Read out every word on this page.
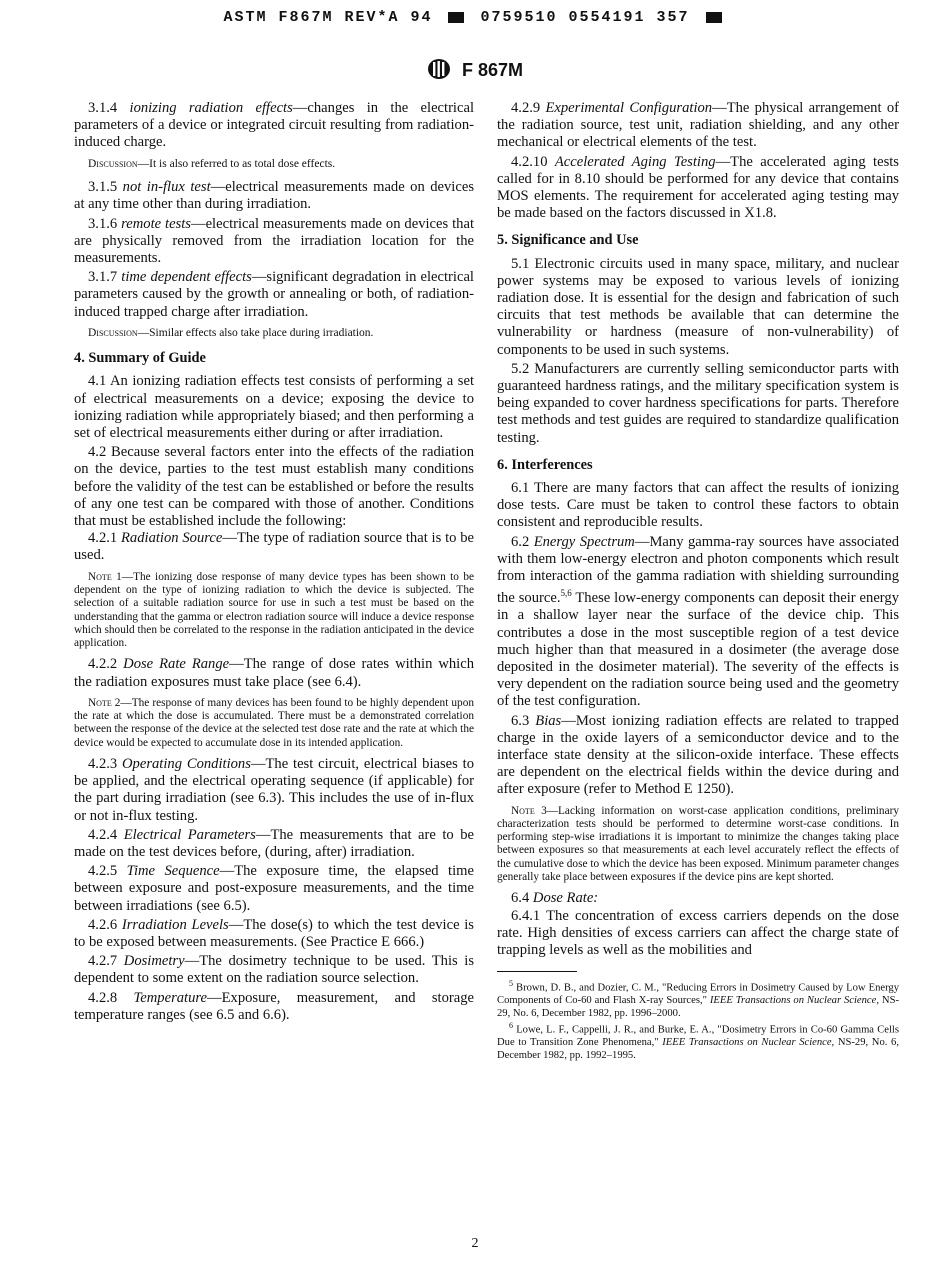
ASTM F867M REV*A 94	0759510 0554191 357
F 867M

3.1.4 ionizing radiation effects—changes in the electrical parameters of a device or integrated circuit resulting from radiation-induced charge.

Discussion—It is also referred to as total dose effects.

3.1.5 not in-flux test—electrical measurements made on devices at any time other than during irradiation.

3.1.6 remote tests—electrical measurements made on devices that are physically removed from the irradiation location for the measurements.

3.1.7 time dependent effects—significant degradation in electrical parameters caused by the growth or annealing or both, of radiation-induced trapped charge after irradiation.

Discussion—Similar effects also take place during irradiation.

4. Summary of Guide

4.1 An ionizing radiation effects test consists of performing a set of electrical measurements on a device; exposing the device to ionizing radiation while appropriately biased; and then performing a set of electrical measurements either during or after irradiation.

4.2 Because several factors enter into the effects of the radiation on the device, parties to the test must establish many conditions before the validity of the test can be established or before the results of any one test can be compared with those of another. Conditions that must be established include the following:

4.2.1 Radiation Source—The type of radiation source that is to be used.

Note 1—The ionizing dose response of many device types has been shown to be dependent on the type of ionizing radiation to which the device is subjected. The selection of a suitable radiation source for use in such a test must be based on the understanding that the gamma or electron radiation source will induce a device response which should then be correlated to the response in the radiation anticipated in the device application.

4.2.2 Dose Rate Range—The range of dose rates within which the radiation exposures must take place (see 6.4).

Note 2—The response of many devices has been found to be highly dependent upon the rate at which the dose is accumulated. There must be a demonstrated correlation between the response of the device at the selected test dose rate and the rate at which the device would be expected to accumulate dose in its intended application.

4.2.3 Operating Conditions—The test circuit, electrical biases to be applied, and the electrical operating sequence (if applicable) for the part during irradiation (see 6.3). This includes the use of in-flux or not in-flux testing.

4.2.4 Electrical Parameters—The measurements that are to be made on the test devices before, (during, after) irradiation.

4.2.5 Time Sequence—The exposure time, the elapsed time between exposure and post-exposure measurements, and the time between irradiations (see 6.5).

4.2.6 Irradiation Levels—The dose(s) to which the test device is to be exposed between measurements. (See Practice E 666.)

4.2.7 Dosimetry—The dosimetry technique to be used. This is dependent to some extent on the radiation source selection.

4.2.8 Temperature—Exposure, measurement, and storage temperature ranges (see 6.5 and 6.6).

4.2.9 Experimental Configuration—The physical arrangement of the radiation source, test unit, radiation shielding, and any other mechanical or electrical elements of the test.

4.2.10 Accelerated Aging Testing—The accelerated aging tests called for in 8.10 should be performed for any device that contains MOS elements. The requirement for accelerated aging testing may be made based on the factors discussed in X1.8.

5. Significance and Use

5.1 Electronic circuits used in many space, military, and nuclear power systems may be exposed to various levels of ionizing radiation dose. It is essential for the design and fabrication of such circuits that test methods be available that can determine the vulnerability or hardness (measure of non-vulnerability) of components to be used in such systems.

5.2 Manufacturers are currently selling semiconductor parts with guaranteed hardness ratings, and the military specification system is being expanded to cover hardness specifications for parts. Therefore test methods and test guides are required to standardize qualification testing.

6. Interferences

6.1 There are many factors that can affect the results of ionizing dose tests. Care must be taken to control these factors to obtain consistent and reproducible results.

6.2 Energy Spectrum—Many gamma-ray sources have associated with them low-energy electron and photon components which result from interaction of the gamma radiation with shielding surrounding the source.$^{5,6}$ These low-energy components can deposit their energy in a shallow layer near the surface of the device chip. This contributes a dose in the most susceptible region of a test device much higher than that measured in a dosimeter (the average dose deposited in the dosimeter material). The severity of the effects is very dependent on the radiation source being used and the geometry of the test configuration.

6.3 Bias—Most ionizing radiation effects are related to trapped charge in the oxide layers of a semiconductor device and to the interface state density at the silicon-oxide interface. These effects are dependent on the electrical fields within the device during and after exposure (refer to Method E 1250).

Note 3—Lacking information on worst-case application conditions, preliminary characterization tests should be performed to determine worst-case conditions. In performing step-wise irradiations it is important to minimize the changes taking place between exposures so that measurements at each level accurately reflect the effects of the cumulative dose to which the device has been exposed. Minimum parameter changes generally take place between exposures if the device pins are kept shorted.

6.4 Dose Rate:

6.4.1 The concentration of excess carriers depends on the dose rate. High densities of excess carriers can affect the charge state of trapping levels as well as the mobilities and

$^5$ Brown, D. B., and Dozier, C. M., "Reducing Errors in Dosimetry Caused by Low Energy Components of Co-60 and Flash X-ray Sources," IEEE Transactions on Nuclear Science, NS-29, No. 6, December 1982, pp. 1996–2000.

$^6$ Lowe, L. F., Cappelli, J. R., and Burke, E. A., "Dosimetry Errors in Co-60 Gamma Cells Due to Transition Zone Phenomena," IEEE Transactions on Nuclear Science, NS-29, No. 6, December 1982, pp. 1992–1995.

2
